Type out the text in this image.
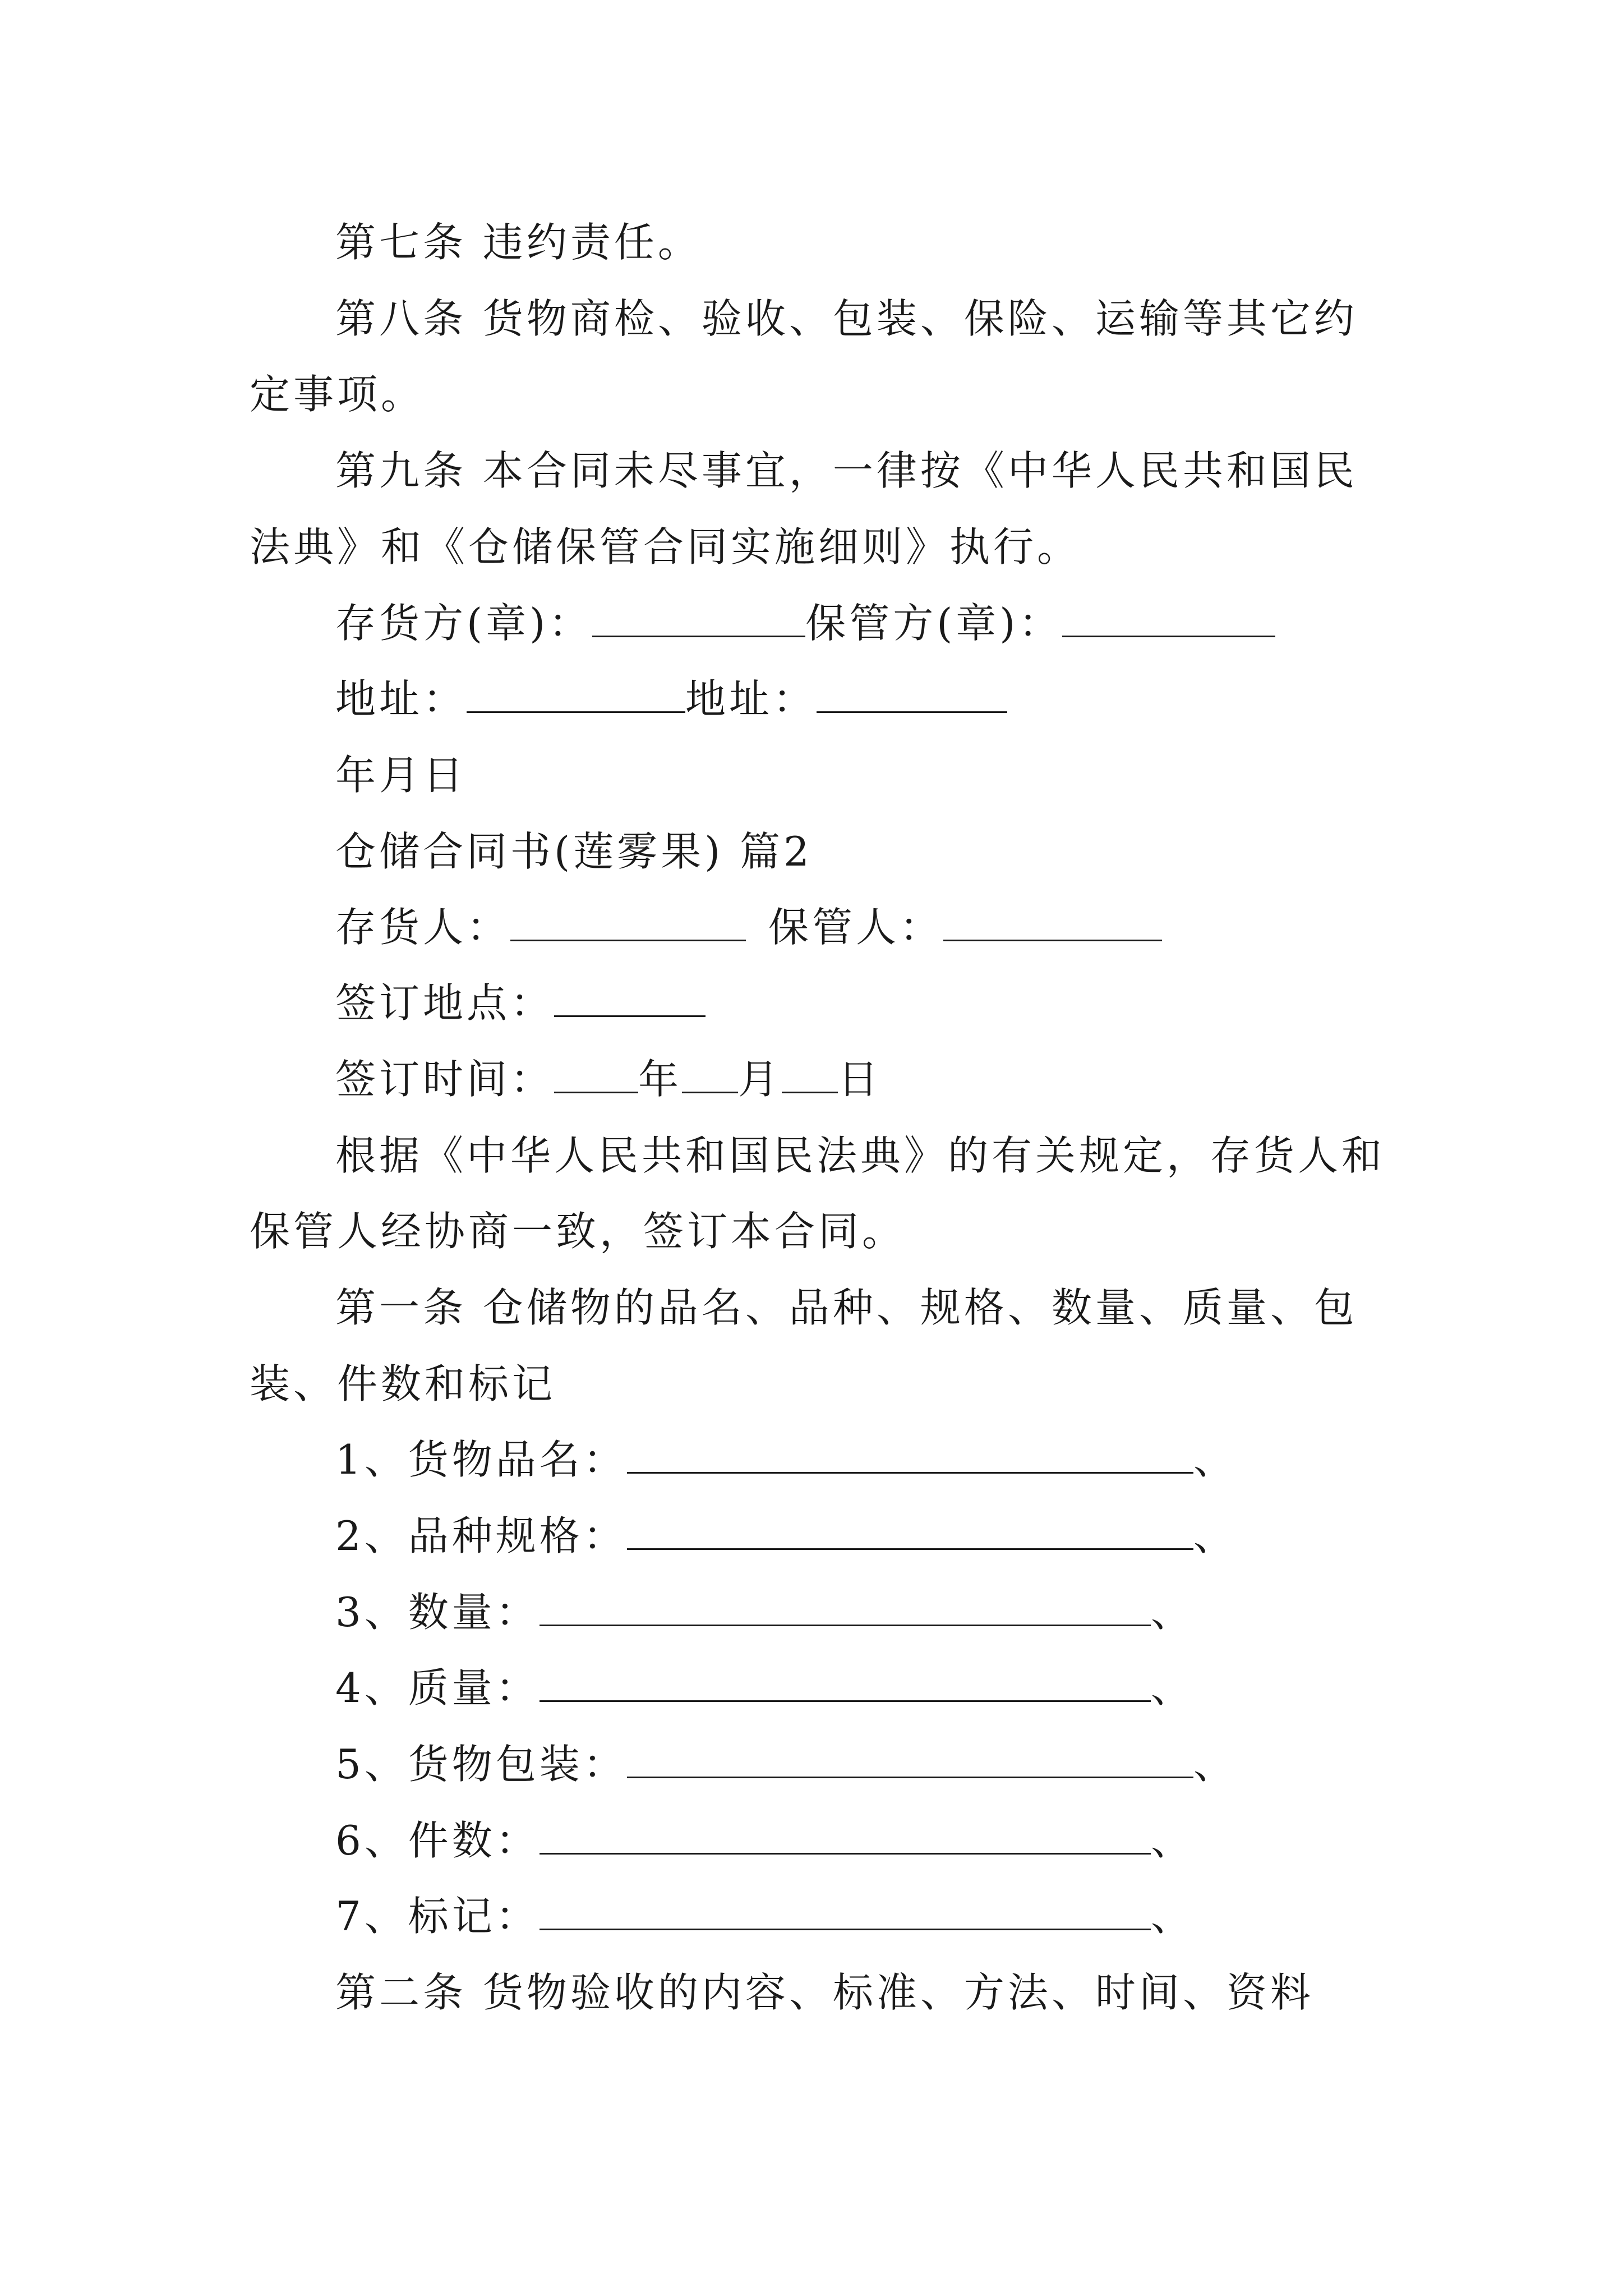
第七条 违约责任。
第八条 货物商检、验收、包装、保险、运输等其它约
定事项。
第九条 本合同未尽事宜，一律按《中华人民共和国民
法典》和《仓储保管合同实施细则》执行。
存货方(章)：	保管方(章)：
地址：	地址：
年月日
仓储合同书(莲雾果) 篇2
存货人：	保管人：
签订地点：
签订时间： 年 月 日
根据《中华人民共和国民法典》的有关规定，存货人和
保管人经协商一致，签订本合同。
第一条 仓储物的品名、品种、规格、数量、质量、包
装、件数和标记
1、货物品名：	、
2、品种规格：	、
3、数量：	、
4、质量：	、
5、货物包装：	、
6、件数：	、
7、标记：	、
第二条 货物验收的内容、标准、方法、时间、资料
